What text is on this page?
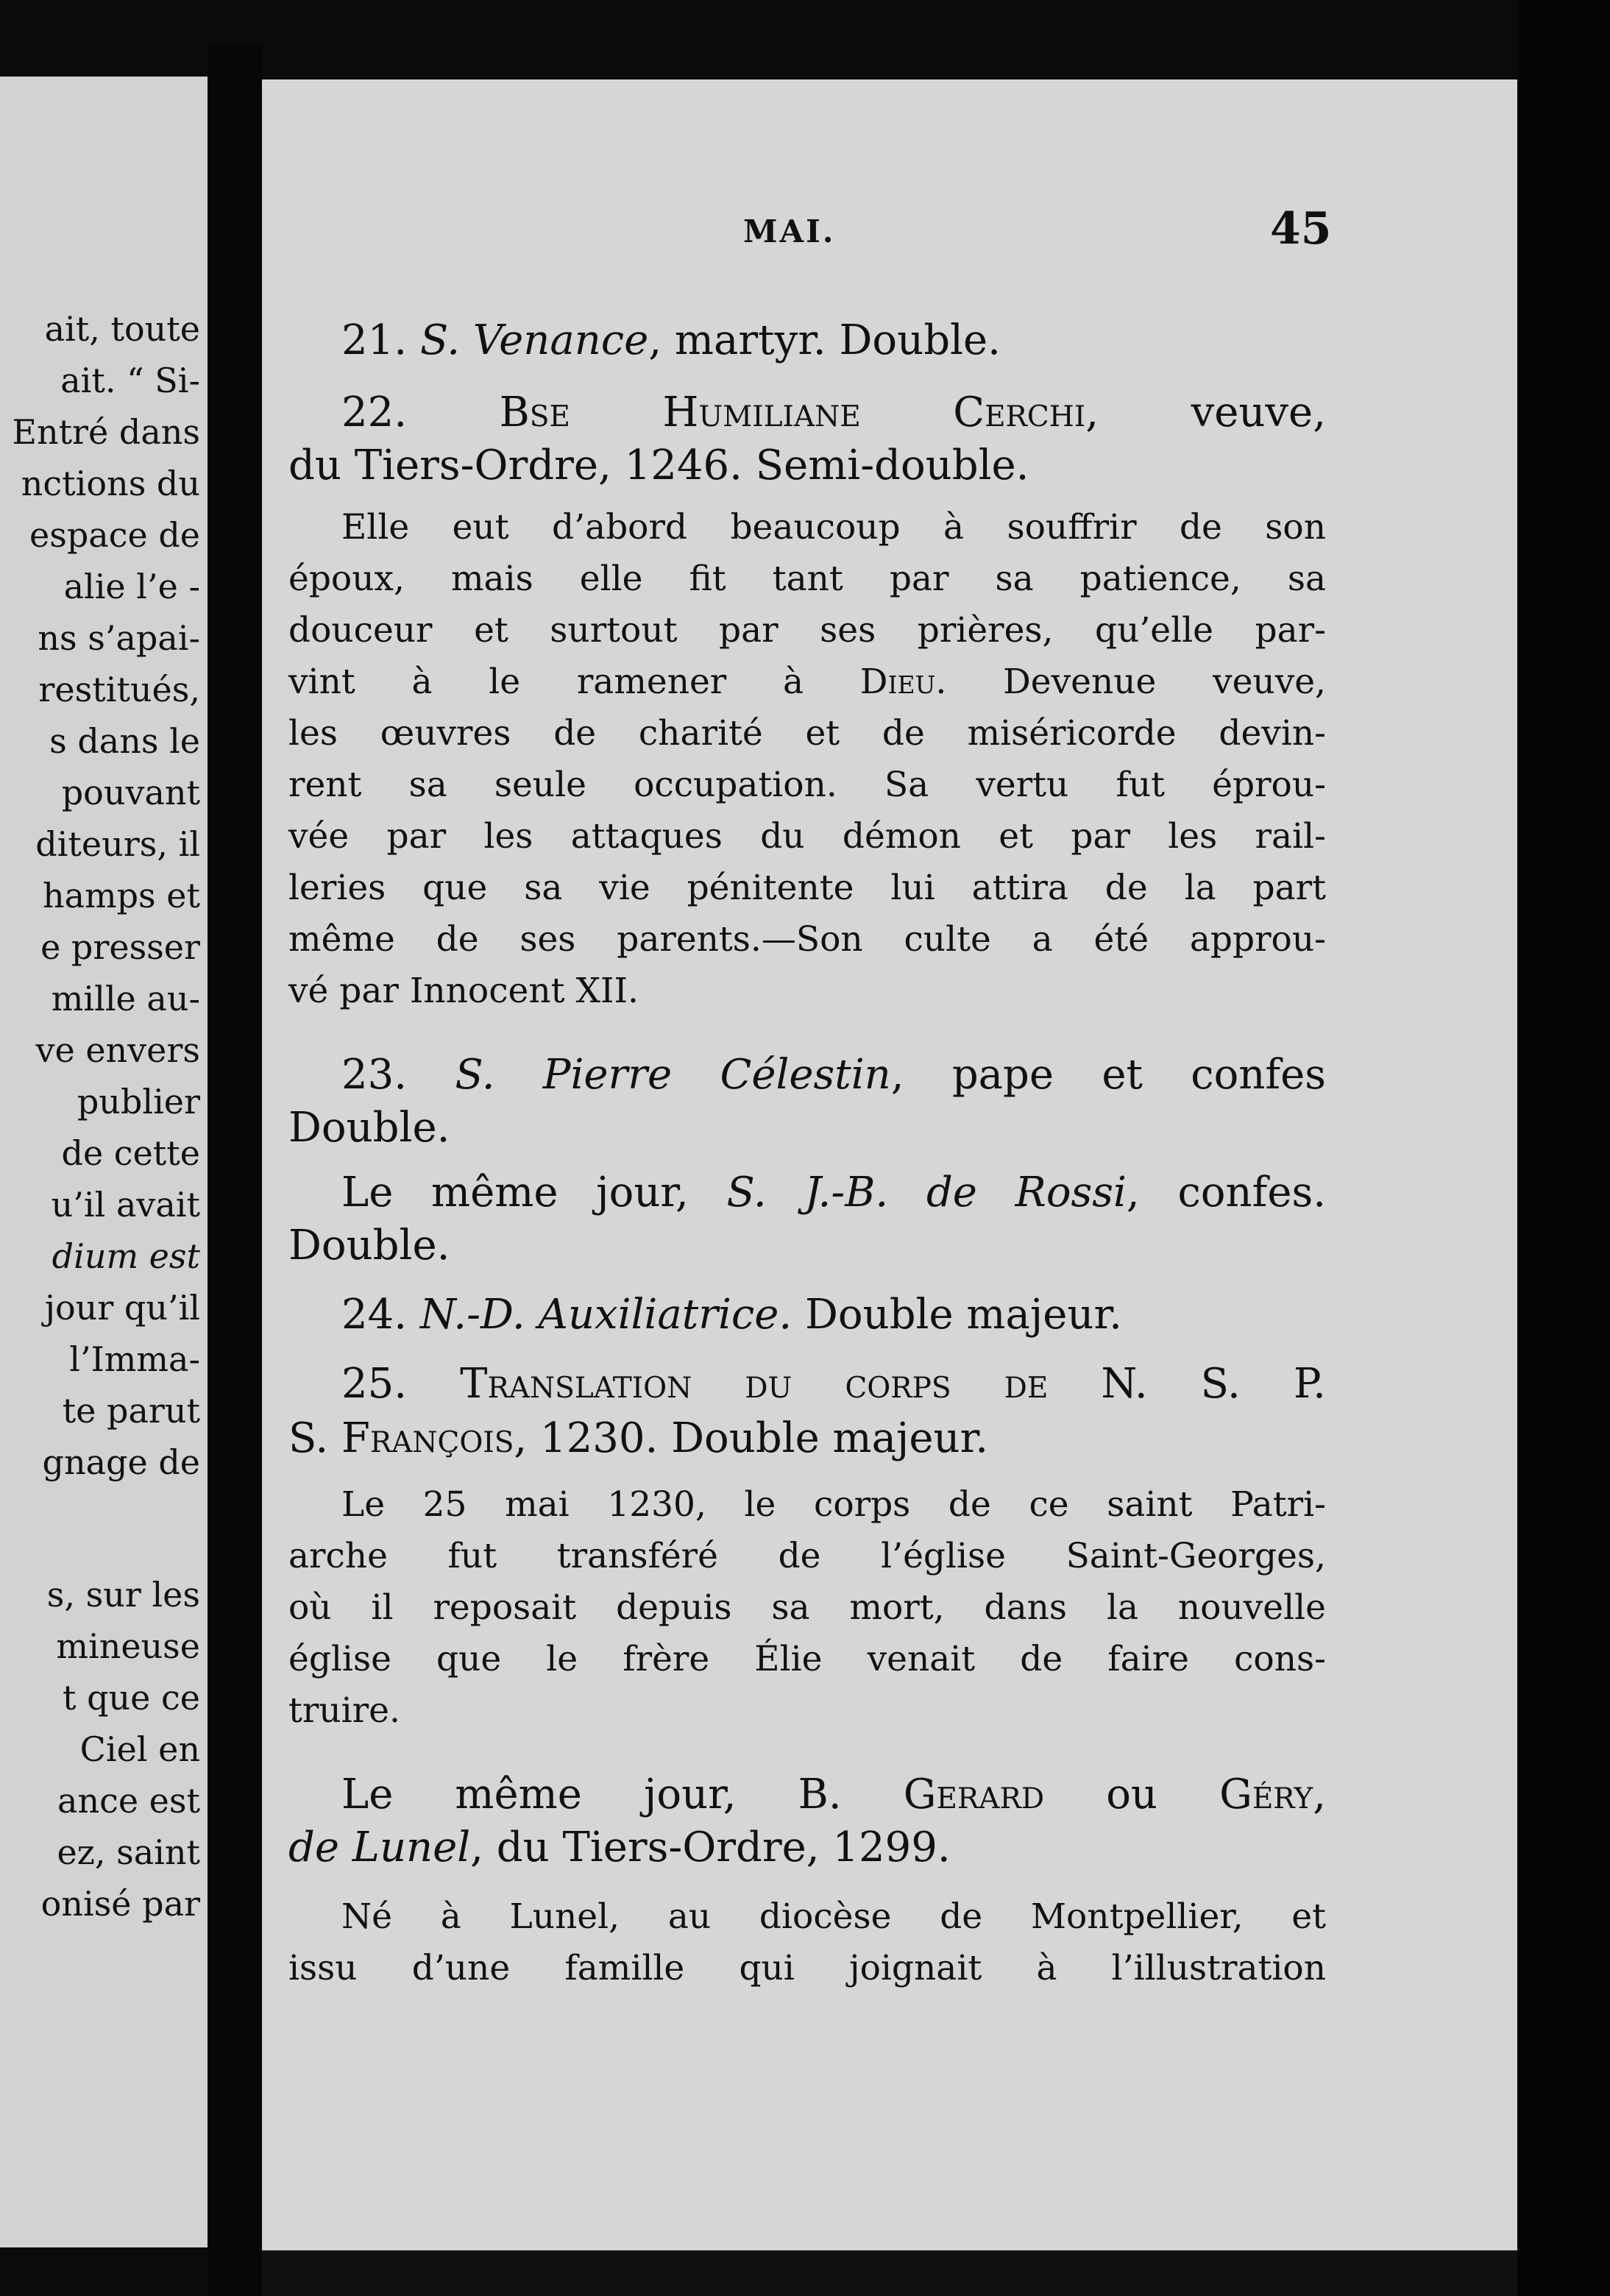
ait, toute
ait. “ Si-
Entré dans
nctions du
espace de
alie l’e -
ns s’apai-
restitués,
s dans le
pouvant
diteurs, il
hamps et
e presser
mille au-
ve envers
publier
de cette
u’il avait
dium est
jour qu’il
l’Imma-
te parut
gnage de
s, sur les
mineuse
t que ce
Ciel en
ance est
ez, saint
onisé par
MAI.	45
21. S. Venance, martyr. Double.
22. Bse Humiliane Cerchi, veuve,
du Tiers-Ordre, 1246. Semi-double.
Elle eut d’abord beaucoup à souffrir de son
époux, mais elle fit tant par sa patience, sa
douceur et surtout par ses prières, qu’elle par-
vint à le ramener à Dieu. Devenue veuve,
les œuvres de charité et de miséricorde devin-
rent sa seule occupation. Sa vertu fut éprou-
vée par les attaques du démon et par les rail-
leries que sa vie pénitente lui attira de la part
même de ses parents.—Son culte a été approu-
vé par Innocent XII.
23. S. Pierre Célestin, pape et confes
Double.
Le même jour, S. J.-B. de Rossi, confes.
Double.
24. N.-D. Auxiliatrice. Double majeur.
25. Translation du corps de N. S. P.
S. François, 1230. Double majeur.
Le 25 mai 1230, le corps de ce saint Patri-
arche fut transféré de l’église Saint-Georges,
où il reposait depuis sa mort, dans la nouvelle
église que le frère Élie venait de faire cons-
truire.
Le même jour, B. Gerard ou Géry,
de Lunel, du Tiers-Ordre, 1299.
Né à Lunel, au diocèse de Montpellier, et
issu d’une famille qui joignait à l’illustration
